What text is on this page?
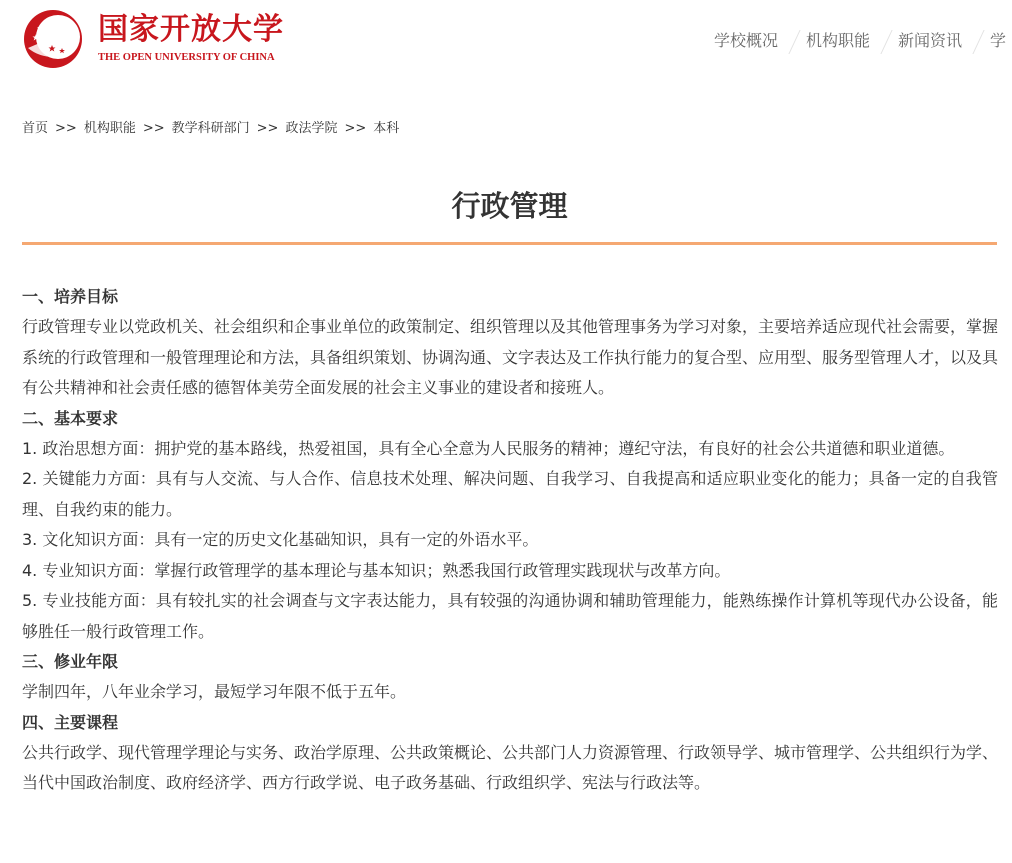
国家开放大学
THE OPEN UNIVERSITY OF CHINA
学校概况 机构职能 新闻资讯 学
首页 >> 机构职能 >> 教学科研部门 >> 政法学院 >> 本科
行政管理
一、培养目标

行政管理专业以党政机关、社会组织和企事业单位的政策制定、组织管理以及其他管理事务为学习对象，主要培养适应现代社会需要，掌握系统的行政管理和一般管理理论和方法，具备组织策划、协调沟通、文字表达及工作执行能力的复合型、应用型、服务型管理人才，以及具有公共精神和社会责任感的德智体美劳全面发展的社会主义事业的建设者和接班人。

二、基本要求

1. 政治思想方面：拥护党的基本路线，热爱祖国，具有全心全意为人民服务的精神；遵纪守法，有良好的社会公共道德和职业道德。

2. 关键能力方面：具有与人交流、与人合作、信息技术处理、解决问题、自我学习、自我提高和适应职业变化的能力；具备一定的自我管理、自我约束的能力。

3. 文化知识方面：具有一定的历史文化基础知识，具有一定的外语水平。

4. 专业知识方面：掌握行政管理学的基本理论与基本知识；熟悉我国行政管理实践现状与改革方向。

5. 专业技能方面：具有较扎实的社会调查与文字表达能力，具有较强的沟通协调和辅助管理能力，能熟练操作计算机等现代办公设备，能够胜任一般行政管理工作。

三、修业年限

学制四年，八年业余学习，最短学习年限不低于五年。

四、主要课程

公共行政学、现代管理学理论与实务、政治学原理、公共政策概论、公共部门人力资源管理、行政领导学、城市管理学、公共组织行为学、当代中国政治制度、政府经济学、西方行政学说、电子政务基础、行政组织学、宪法与行政法等。
